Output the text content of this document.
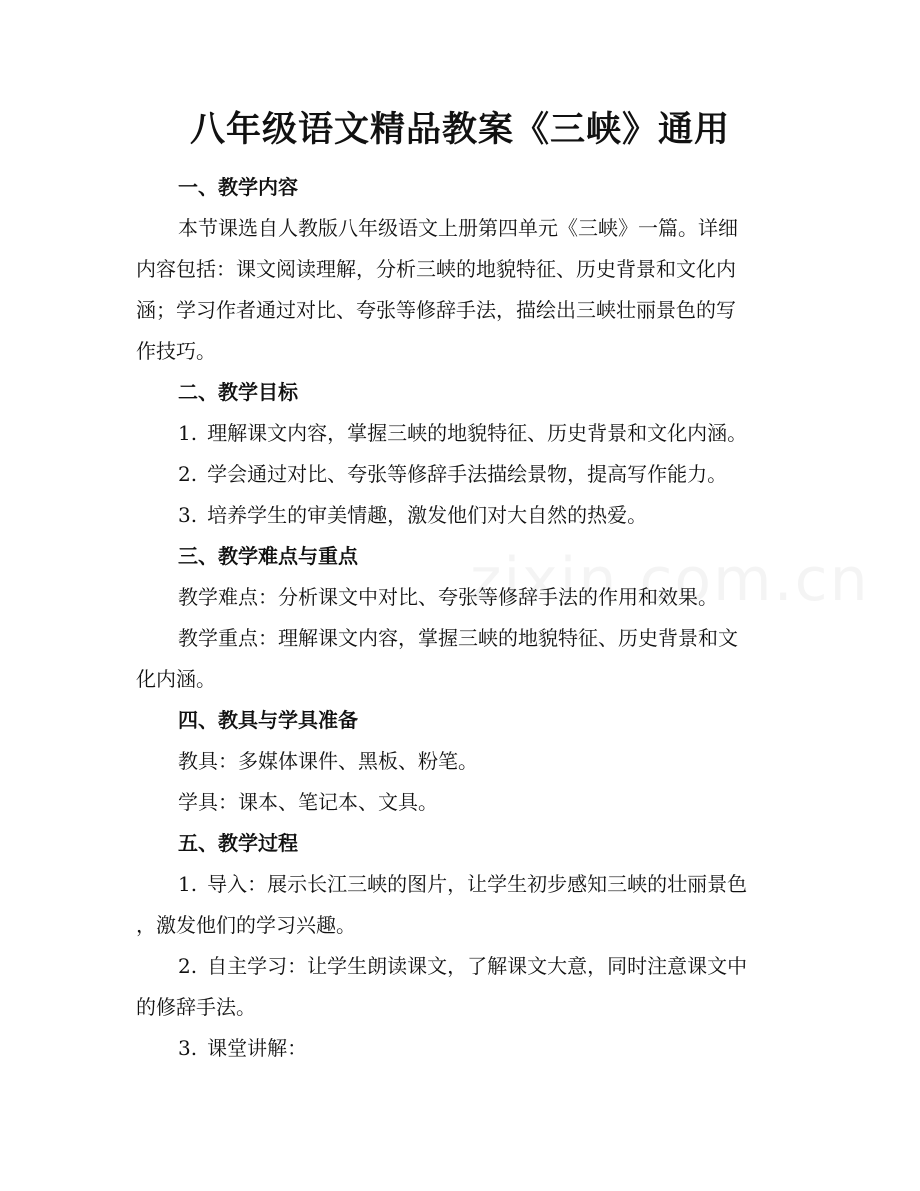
八年级语文精品教案《三峡》通用
一、教学内容
本节课选自人教版八年级语文上册第四单元《三峡》一篇。详细
内容包括：课文阅读理解，分析三峡的地貌特征、历史背景和文化内
涵；学习作者通过对比、夸张等修辞手法，描绘出三峡壮丽景色的写
作技巧。
二、教学目标
1. 理解课文内容，掌握三峡的地貌特征、历史背景和文化内涵。
2. 学会通过对比、夸张等修辞手法描绘景物，提高写作能力。
3. 培养学生的审美情趣，激发他们对大自然的热爱。
三、教学难点与重点
教学难点：分析课文中对比、夸张等修辞手法的作用和效果。
教学重点：理解课文内容，掌握三峡的地貌特征、历史背景和文
化内涵。
四、教具与学具准备
教具：多媒体课件、黑板、粉笔。
学具：课本、笔记本、文具。
五、教学过程
1. 导入：展示长江三峡的图片，让学生初步感知三峡的壮丽景色
，激发他们的学习兴趣。
2. 自主学习：让学生朗读课文，了解课文大意，同时注意课文中
的修辞手法。
3. 课堂讲解：
